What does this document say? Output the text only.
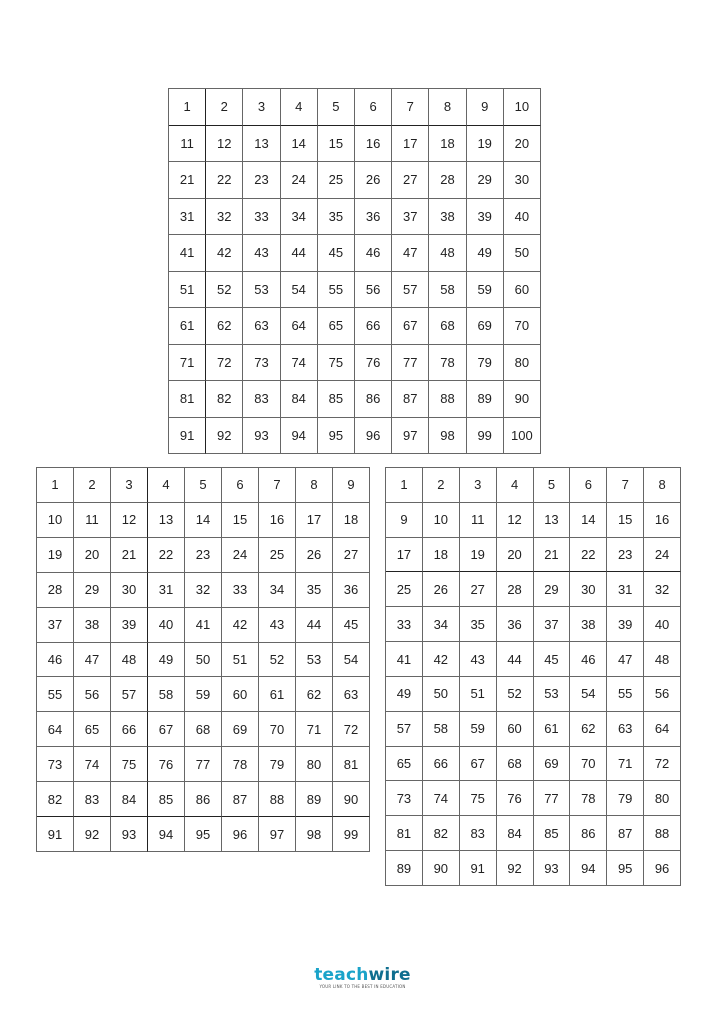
1	2	3	4	5	6	7	8	9	10
11	12	13	14	15	16	17	18	19	20
21	22	23	24	25	26	27	28	29	30
31	32	33	34	35	36	37	38	39	40
41	42	43	44	45	46	47	48	49	50
51	52	53	54	55	56	57	58	59	60
61	62	63	64	65	66	67	68	69	70
71	72	73	74	75	76	77	78	79	80
81	82	83	84	85	86	87	88	89	90
91	92	93	94	95	96	97	98	99	100
1	2	3	4	5	6	7	8	9
10	11	12	13	14	15	16	17	18
19	20	21	22	23	24	25	26	27
28	29	30	31	32	33	34	35	36
37	38	39	40	41	42	43	44	45
46	47	48	49	50	51	52	53	54
55	56	57	58	59	60	61	62	63
64	65	66	67	68	69	70	71	72
73	74	75	76	77	78	79	80	81
82	83	84	85	86	87	88	89	90
91	92	93	94	95	96	97	98	99
1	2	3	4	5	6	7	8
9	10	11	12	13	14	15	16
17	18	19	20	21	22	23	24
25	26	27	28	29	30	31	32
33	34	35	36	37	38	39	40
41	42	43	44	45	46	47	48
49	50	51	52	53	54	55	56
57	58	59	60	61	62	63	64
65	66	67	68	69	70	71	72
73	74	75	76	77	78	79	80
81	82	83	84	85	86	87	88
89	90	91	92	93	94	95	96
teachwire
YOUR LINK TO THE BEST IN EDUCATION
